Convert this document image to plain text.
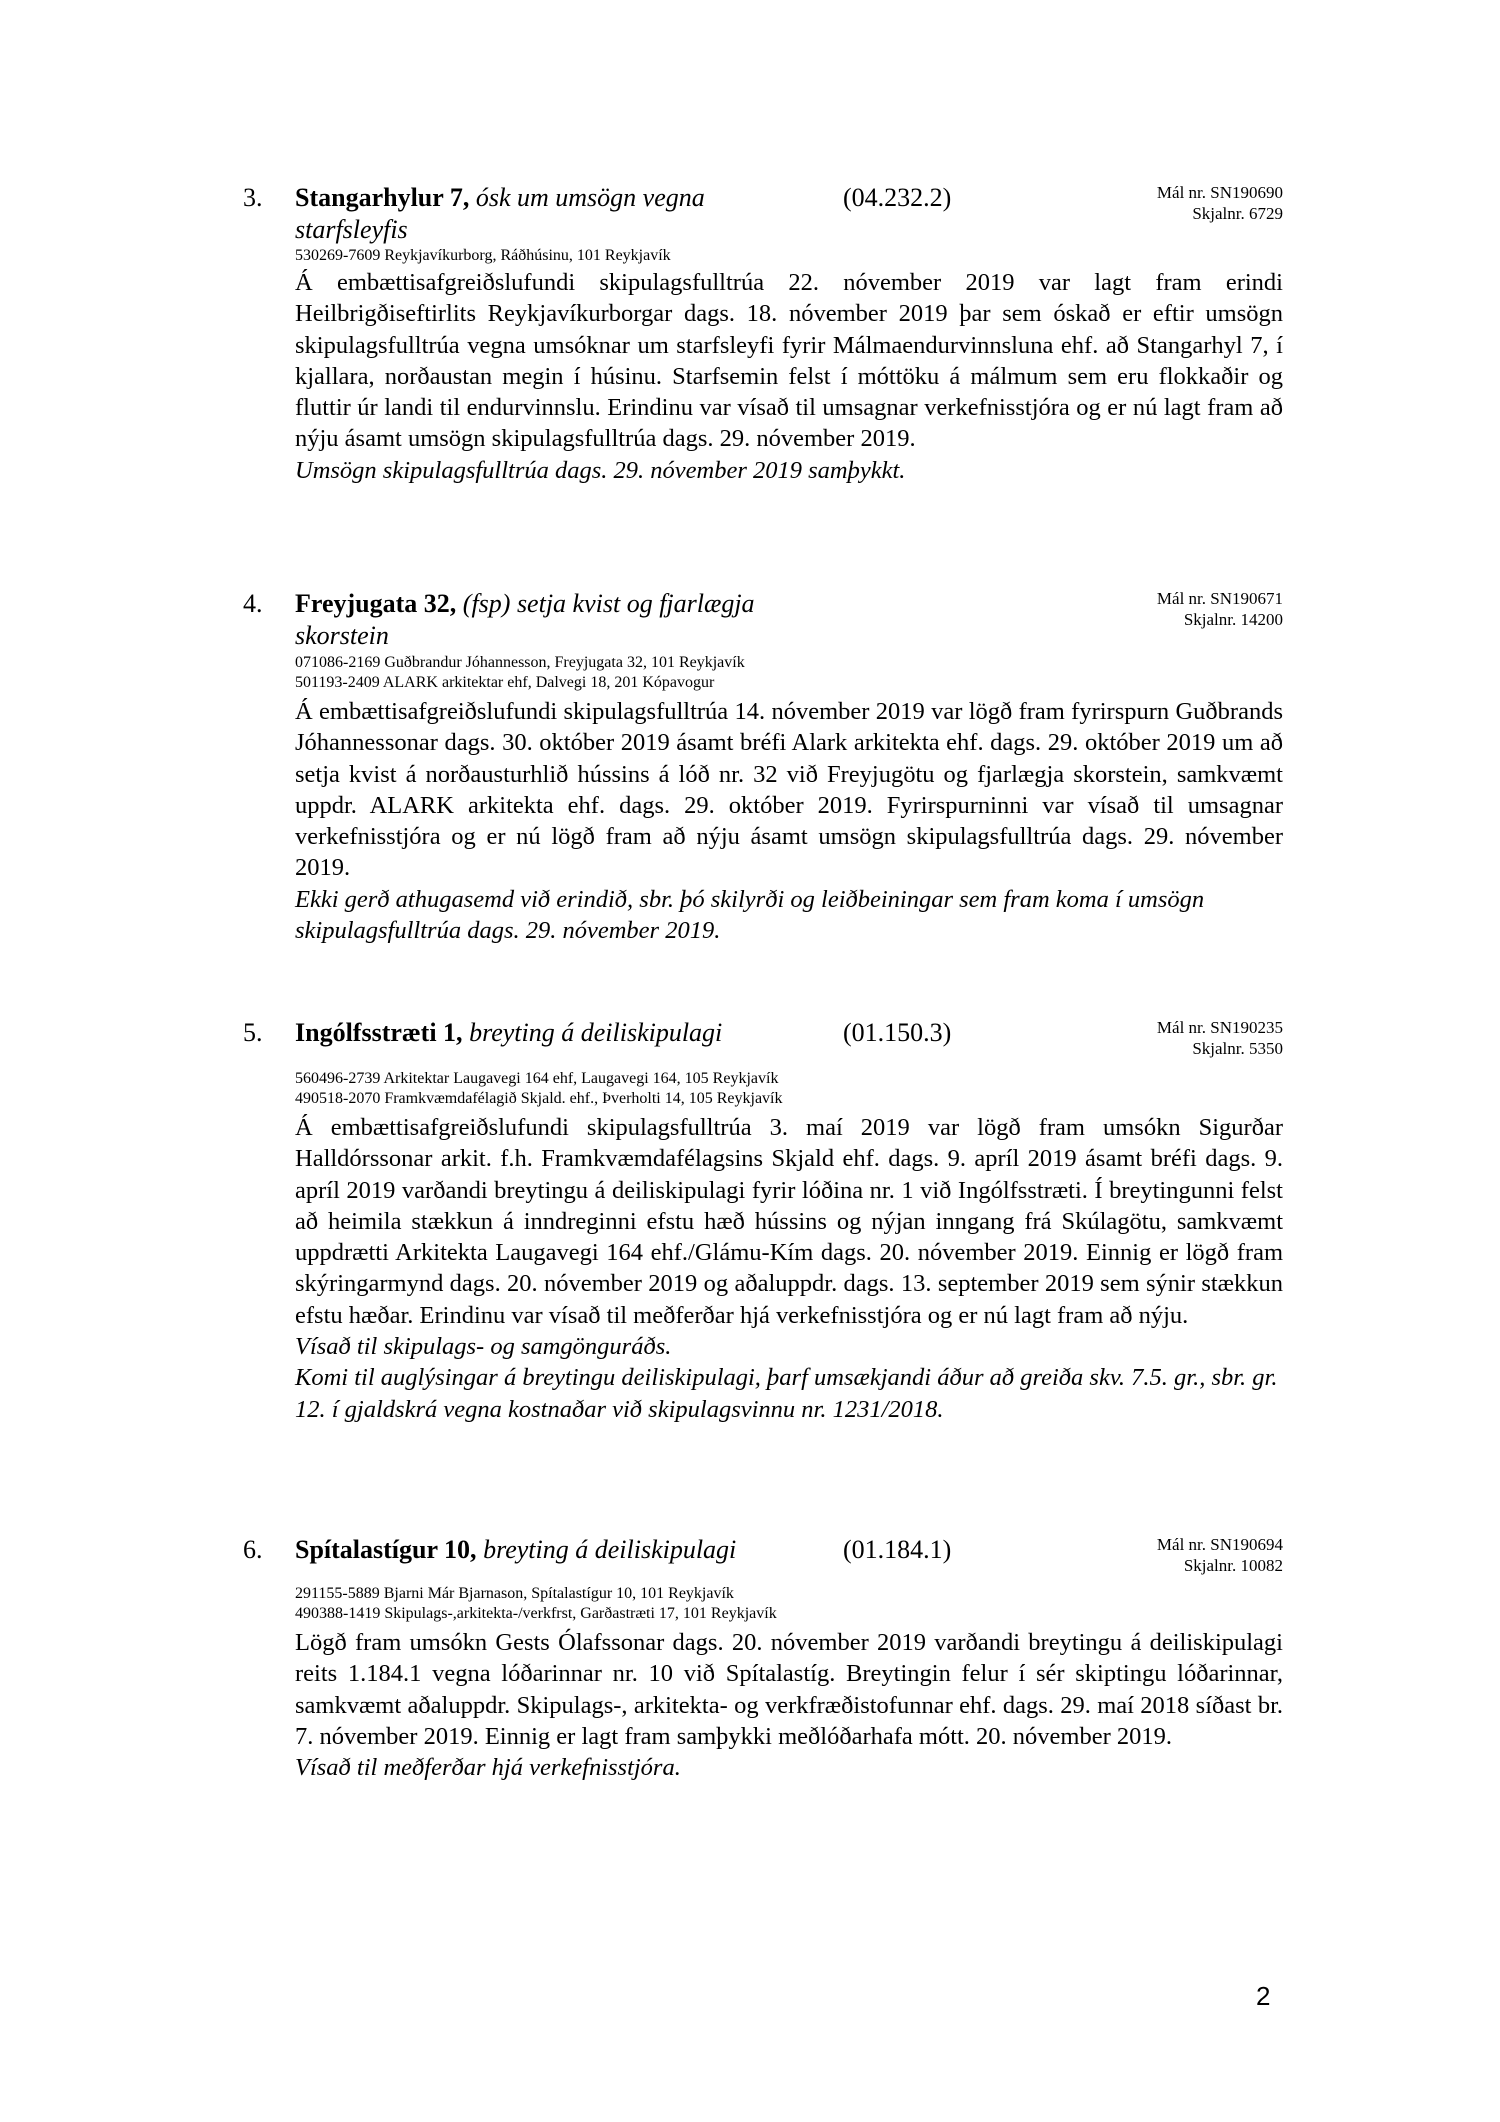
3. Stangarhylur 7, ósk um umsögn vegna starfsleyfis
(04.232.2)	Mál nr. SN190690
Skjalnr. 6729
530269-7609 Reykjavíkurborg, Ráðhúsinu, 101 Reykjavík

Á embættisafgreiðslufundi skipulagsfulltrúa 22. nóvember 2019 var lagt fram erindi Heilbrigðiseftirlits Reykjavíkurborgar dags. 18. nóvember 2019 þar sem óskað er eftir umsögn skipulagsfulltrúa vegna umsóknar um starfsleyfi fyrir Málmaendurvinnsluna ehf. að Stangarhyl 7, í kjallara, norðaustan megin í húsinu. Starfsemin felst í móttöku á málmum sem eru flokkaðir og fluttir úr landi til endurvinnslu. Erindinu var vísað til umsagnar verkefnisstjóra og er nú lagt fram að nýju ásamt umsögn skipulagsfulltrúa dags. 29. nóvember 2019.

Umsögn skipulagsfulltrúa dags. 29. nóvember 2019 samþykkt.

4. Freyjugata 32, (fsp) setja kvist og fjarlægja skorstein
Mál nr. SN190671
Skjalnr. 14200
071086-2169 Guðbrandur Jóhannesson, Freyjugata 32, 101 Reykjavík
501193-2409 ALARK arkitektar ehf, Dalvegi 18, 201 Kópavogur

Á embættisafgreiðslufundi skipulagsfulltrúa 14. nóvember 2019 var lögð fram fyrirspurn Guðbrands Jóhannessonar dags. 30. október 2019 ásamt bréfi Alark arkitekta ehf. dags. 29. október 2019 um að setja kvist á norðausturhlið hússins á lóð nr. 32 við Freyjugötu og fjarlægja skorstein, samkvæmt uppdr. ALARK arkitekta ehf. dags. 29. október 2019. Fyrirspurninni var vísað til umsagnar verkefnisstjóra og er nú lögð fram að nýju ásamt umsögn skipulagsfulltrúa dags. 29. nóvember 2019.

Ekki gerð athugasemd við erindið, sbr. þó skilyrði og leiðbeiningar sem fram koma í umsögn skipulagsfulltrúa dags. 29. nóvember 2019.

5. Ingólfsstræti 1, breyting á deiliskipulagi	(01.150.3)	Mál nr. SN190235
Skjalnr. 5350
560496-2739 Arkitektar Laugavegi 164 ehf, Laugavegi 164, 105 Reykjavík
490518-2070 Framkvæmdafélagið Skjald. ehf., Þverholti 14, 105 Reykjavík

Á embættisafgreiðslufundi skipulagsfulltrúa 3. maí 2019 var lögð fram umsókn Sigurðar Halldórssonar arkit. f.h. Framkvæmdafélagsins Skjald ehf. dags. 9. apríl 2019 ásamt bréfi dags. 9. apríl 2019 varðandi breytingu á deiliskipulagi fyrir lóðina nr. 1 við Ingólfsstræti. Í breytingunni felst að heimila stækkun á inndreginni efstu hæð hússins og nýjan inngang frá Skúlagötu, samkvæmt uppdrætti Arkitekta Laugavegi 164 ehf./Glámu-Kím dags. 20. nóvember 2019. Einnig er lögð fram skýringarmynd dags. 20. nóvember 2019 og aðaluppdr. dags. 13. september 2019 sem sýnir stækkun efstu hæðar. Erindinu var vísað til meðferðar hjá verkefnisstjóra og er nú lagt fram að nýju.

Vísað til skipulags- og samgönguráðs.

Komi til auglýsingar á breytingu deiliskipulagi, þarf umsækjandi áður að greiða skv. 7.5. gr., sbr. gr. 12. í gjaldskrá vegna kostnaðar við skipulagsvinnu nr. 1231/2018.

6. Spítalastígur 10, breyting á deiliskipulagi	(01.184.1)	Mál nr. SN190694
Skjalnr. 10082
291155-5889 Bjarni Már Bjarnason, Spítalastígur 10, 101 Reykjavík
490388-1419 Skipulags-,arkitekta-/verkfrst, Garðastræti 17, 101 Reykjavík

Lögð fram umsókn Gests Ólafssonar dags. 20. nóvember 2019 varðandi breytingu á deiliskipulagi reits 1.184.1 vegna lóðarinnar nr. 10 við Spítalastíg. Breytingin felur í sér skiptingu lóðarinnar, samkvæmt aðaluppdr. Skipulags-, arkitekta- og verkfræðistofunnar ehf. dags. 29. maí 2018 síðast br. 7. nóvember 2019. Einnig er lagt fram samþykki meðlóðarhafa mótt. 20. nóvember 2019.

Vísað til meðferðar hjá verkefnisstjóra.

2
